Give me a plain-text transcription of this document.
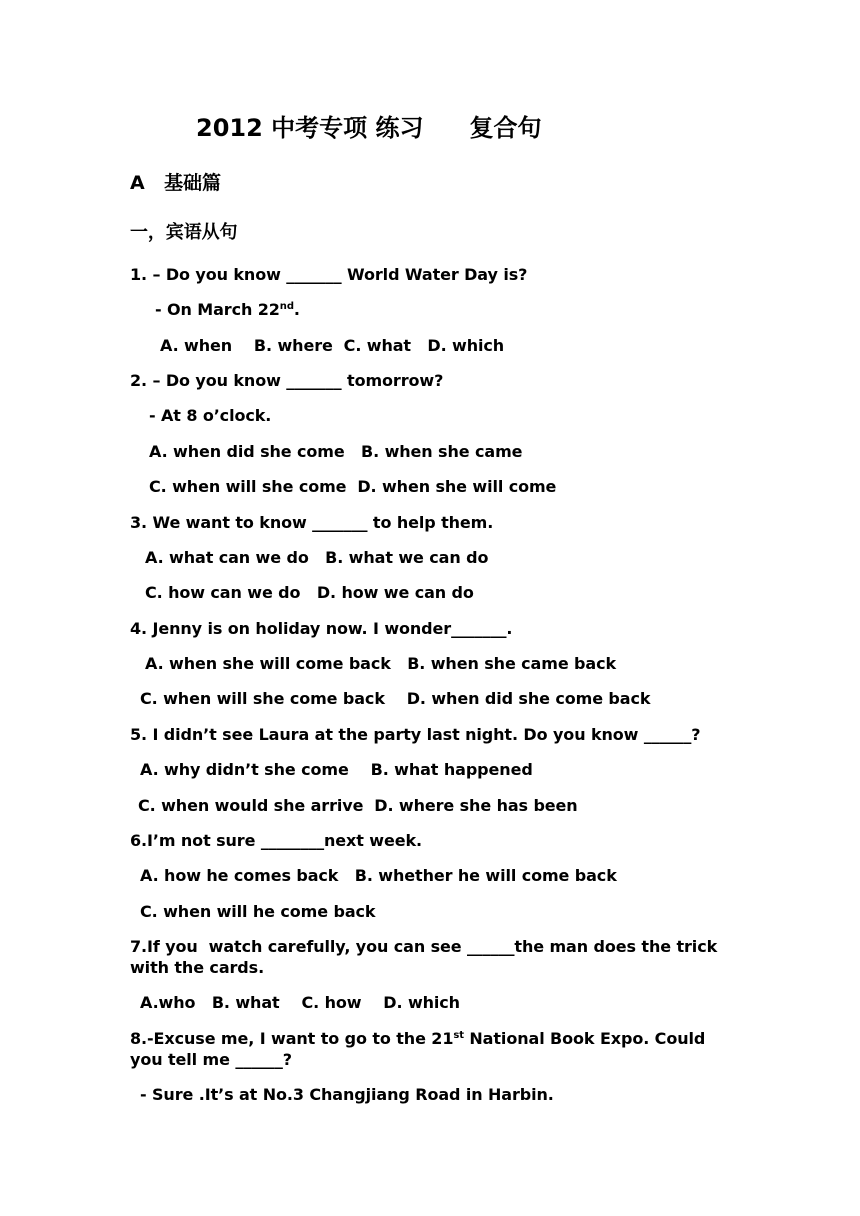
2012 中考专项 练习 复合句
A   基础篇
一，宾语从句
1. – Do you know _______ World Water Day is?
- On March 22nd.
A. when    B. where  C. what   D. which
2. – Do you know _______ tomorrow?
- At 8 o’clock.
A. when did she come   B. when she came
C. when will she come  D. when she will come
3. We want to know _______ to help them.
A. what can we do   B. what we can do
C. how can we do   D. how we can do
4. Jenny is on holiday now. I wonder_______.
A. when she will come back   B. when she came back
C. when will she come back    D. when did she come back
5. I didn’t see Laura at the party last night. Do you know ______?
A. why didn’t she come    B. what happened
C. when would she arrive  D. where she has been
6.I’m not sure ________next week.
A. how he comes back   B. whether he will come back
C. when will he come back
7.If you  watch carefully, you can see ______the man does the trick
with the cards.
A.who   B. what    C. how    D. which
8.-Excuse me, I want to go to the 21st National Book Expo. Could
you tell me ______?
- Sure .It’s at No.3 Changjiang Road in Harbin.
